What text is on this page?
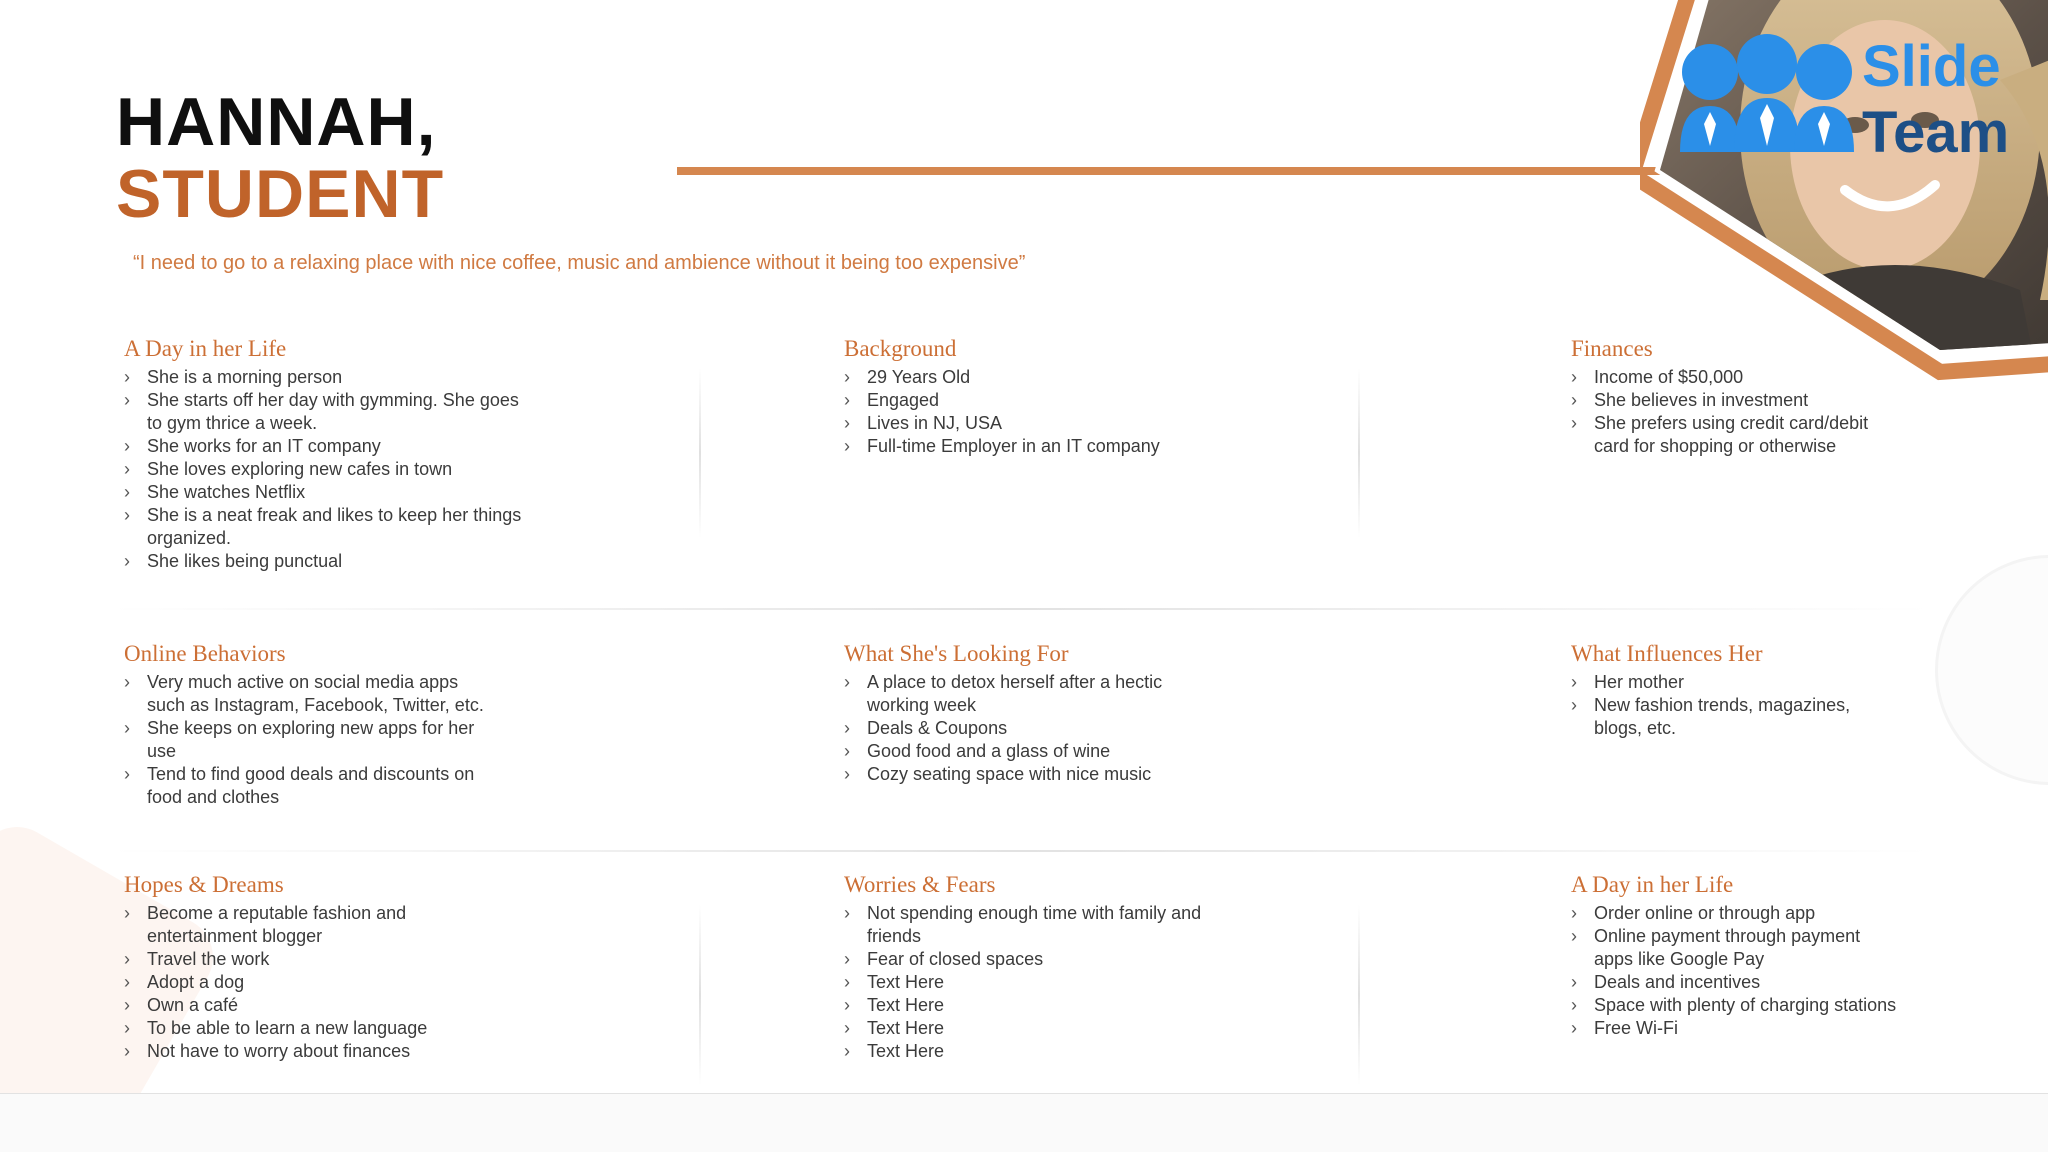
HANNAH,
STUDENT

“I need to go to a relaxing place with nice coffee, music and ambience without it being too expensive”

Slide
Team
A Day in her Life
› She is a morning person
› She starts off her day with gymming. She goes to gym thrice a week.
› She works for an IT company
› She loves exploring new cafes in town
› She watches Netflix
› She is a neat freak and likes to keep her things organized.
› She likes being punctual
Background
› 29 Years Old
› Engaged
› Lives in NJ, USA
› Full-time Employer in an IT company
Finances
› Income of $50,000
› She believes in investment
› She prefers using credit card/debit card for shopping or otherwise
Online Behaviors
› Very much active on social media apps such as Instagram, Facebook, Twitter, etc.
› She keeps on exploring new apps for her use
› Tend to find good deals and discounts on food and clothes
What She's Looking For
› A place to detox herself after a hectic working week
› Deals & Coupons
› Good food and a glass of wine
› Cozy seating space with nice music
What Influences Her
› Her mother
› New fashion trends, magazines, blogs, etc.
Hopes & Dreams
› Become a reputable fashion and entertainment blogger
› Travel the work
› Adopt a dog
› Own a café
› To be able to learn a new language
› Not have to worry about finances
Worries & Fears
› Not spending enough time with family and friends
› Fear of closed spaces
› Text Here
› Text Here
› Text Here
› Text Here
A Day in her Life
› Order online or through app
› Online payment through payment apps like Google Pay
› Deals and incentives
› Space with plenty of charging stations
› Free Wi-Fi
